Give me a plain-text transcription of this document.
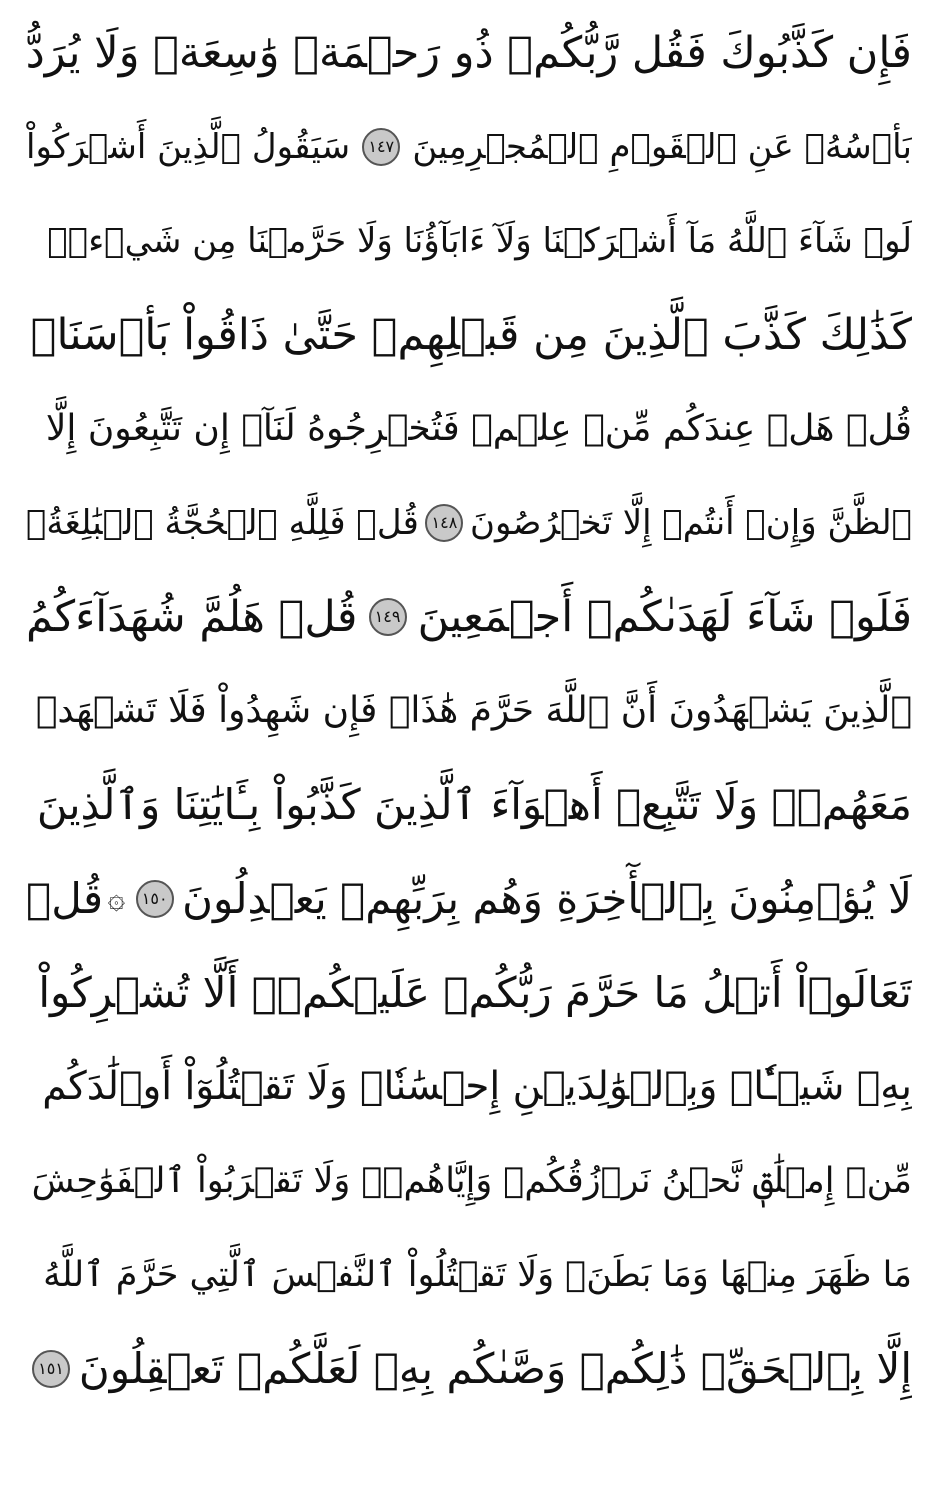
فَإِن كَذَّبُوكَ فَقُل رَّبُّكُمۡ ذُو رَحۡمَةٖ وَٰسِعَةٖ وَلَا يُرَدُّ
بَأۡسُهُۥ عَنِ ٱلۡقَوۡمِ ٱلۡمُجۡرِمِينَ
١٤٧
سَيَقُولُ ٱلَّذِينَ أَشۡرَكُواْ
لَوۡ شَآءَ ٱللَّهُ مَآ أَشۡرَكۡنَا وَلَآ ءَابَآؤُنَا وَلَا حَرَّمۡنَا مِن شَيۡءٖۚ
كَذَٰلِكَ كَذَّبَ ٱلَّذِينَ مِن قَبۡلِهِمۡ حَتَّىٰ ذَاقُواْ بَأۡسَنَاۗ
قُلۡ هَلۡ عِندَكُم مِّنۡ عِلۡمٖ فَتُخۡرِجُوهُ لَنَآۖ إِن تَتَّبِعُونَ إِلَّا
ٱلظَّنَّ وَإِنۡ أَنتُمۡ إِلَّا تَخۡرُصُونَ
١٤٨
قُلۡ فَلِلَّهِ ٱلۡحُجَّةُ ٱلۡبَٰلِغَةُۖ
فَلَوۡ شَآءَ لَهَدَىٰكُمۡ أَجۡمَعِينَ
١٤٩
قُلۡ هَلُمَّ شُهَدَآءَكُمُ
ٱلَّذِينَ يَشۡهَدُونَ أَنَّ ٱللَّهَ حَرَّمَ هَٰذَاۖ فَإِن شَهِدُواْ فَلَا تَشۡهَدۡ
مَعَهُمۡۚ وَلَا تَتَّبِعۡ أَهۡوَآءَ ٱلَّذِينَ كَذَّبُواْ بِـَٔايَٰتِنَا وَٱلَّذِينَ
لَا يُؤۡمِنُونَ بِٱلۡأٓخِرَةِ وَهُم بِرَبِّهِمۡ يَعۡدِلُونَ
١٥٠
۞
قُلۡ
تَعَالَوۡاْ أَتۡلُ مَا حَرَّمَ رَبُّكُمۡ عَلَيۡكُمۡۖ أَلَّا تُشۡرِكُواْ
بِهِۦ شَيۡـٔٗاۖ وَبِٱلۡوَٰلِدَيۡنِ إِحۡسَٰنٗاۖ وَلَا تَقۡتُلُوٓاْ أَوۡلَٰدَكُم
مِّنۡ إِمۡلَٰقٖ نَّحۡنُ نَرۡزُقُكُمۡ وَإِيَّاهُمۡۖ وَلَا تَقۡرَبُواْ ٱلۡفَوَٰحِشَ
مَا ظَهَرَ مِنۡهَا وَمَا بَطَنَۖ وَلَا تَقۡتُلُواْ ٱلنَّفۡسَ ٱلَّتِي حَرَّمَ ٱللَّهُ
إِلَّا بِٱلۡحَقِّۚ ذَٰلِكُمۡ وَصَّىٰكُم بِهِۦ لَعَلَّكُمۡ تَعۡقِلُونَ
١٥١
